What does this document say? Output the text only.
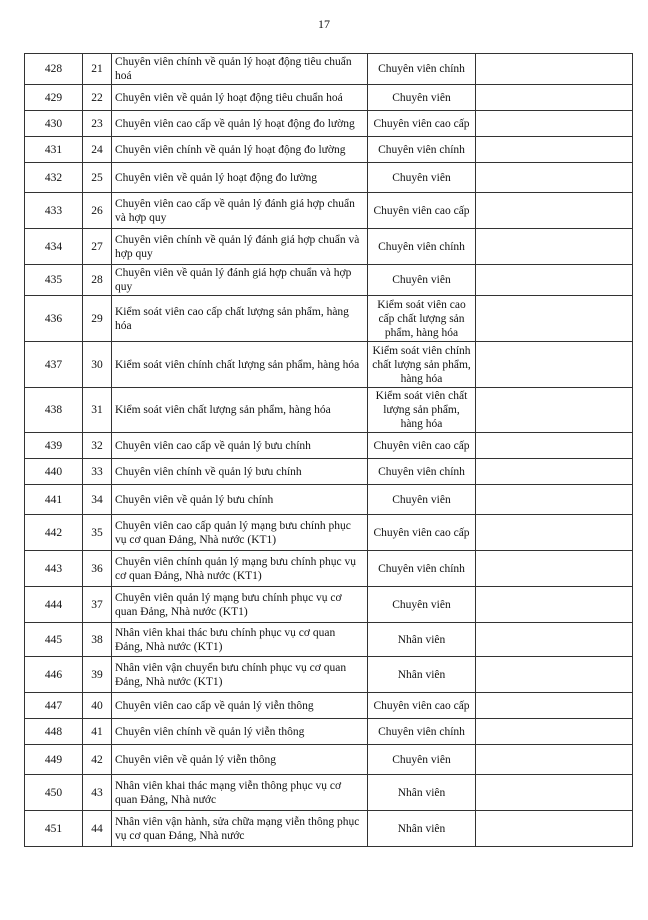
17
428	21	Chuyên viên chính về quản lý hoạt động tiêu chuẩn hoá	Chuyên viên chính	
429	22	Chuyên viên về quản lý hoạt động tiêu chuẩn hoá	Chuyên viên	
430	23	Chuyên viên cao cấp về quản lý hoạt động đo lường	Chuyên viên cao cấp	
431	24	Chuyên viên chính về quản lý hoạt động đo lường	Chuyên viên chính	
432	25	Chuyên viên về quản lý hoạt động đo lường	Chuyên viên	
433	26	Chuyên viên cao cấp về quản lý đánh giá hợp chuẩn và hợp quy	Chuyên viên cao cấp	
434	27	Chuyên viên chính về quản lý đánh giá hợp chuẩn và hợp quy	Chuyên viên chính	
435	28	Chuyên viên về quản lý đánh giá hợp chuẩn và hợp quy	Chuyên viên	
436	29	Kiểm soát viên cao cấp chất lượng sản phẩm, hàng hóa	Kiểm soát viên cao cấp chất lượng sản phẩm, hàng hóa	
437	30	Kiểm soát viên chính chất lượng sản phẩm, hàng hóa	Kiểm soát viên chính chất lượng sản phẩm, hàng hóa	
438	31	Kiểm soát viên chất lượng sản phẩm, hàng hóa	Kiểm soát viên chất lượng sản phẩm, hàng hóa	
439	32	Chuyên viên cao cấp về quản lý bưu chính	Chuyên viên cao cấp	
440	33	Chuyên viên chính về quản lý bưu chính	Chuyên viên chính	
441	34	Chuyên viên về quản lý bưu chính	Chuyên viên	
442	35	Chuyên viên cao cấp quản lý mạng bưu chính phục vụ cơ quan Đảng, Nhà nước (KT1)	Chuyên viên cao cấp	
443	36	Chuyên viên chính quản lý mạng bưu chính phục vụ cơ quan Đảng, Nhà nước (KT1)	Chuyên viên chính	
444	37	Chuyên viên quản lý mạng bưu chính phục vụ cơ quan Đảng, Nhà nước (KT1)	Chuyên viên	
445	38	Nhân viên khai thác bưu chính phục vụ cơ quan Đảng, Nhà nước (KT1)	Nhân viên	
446	39	Nhân viên vận chuyển bưu chính phục vụ cơ quan Đảng, Nhà nước (KT1)	Nhân viên	
447	40	Chuyên viên cao cấp về quản lý viễn thông	Chuyên viên cao cấp	
448	41	Chuyên viên chính về quản lý viễn thông	Chuyên viên chính	
449	42	Chuyên viên về quản lý viễn thông	Chuyên viên	
450	43	Nhân viên khai thác mạng viễn thông phục vụ cơ quan Đảng, Nhà nước	Nhân viên	
451	44	Nhân viên vận hành, sửa chữa mạng viễn thông phục vụ cơ quan Đảng, Nhà nước	Nhân viên	
